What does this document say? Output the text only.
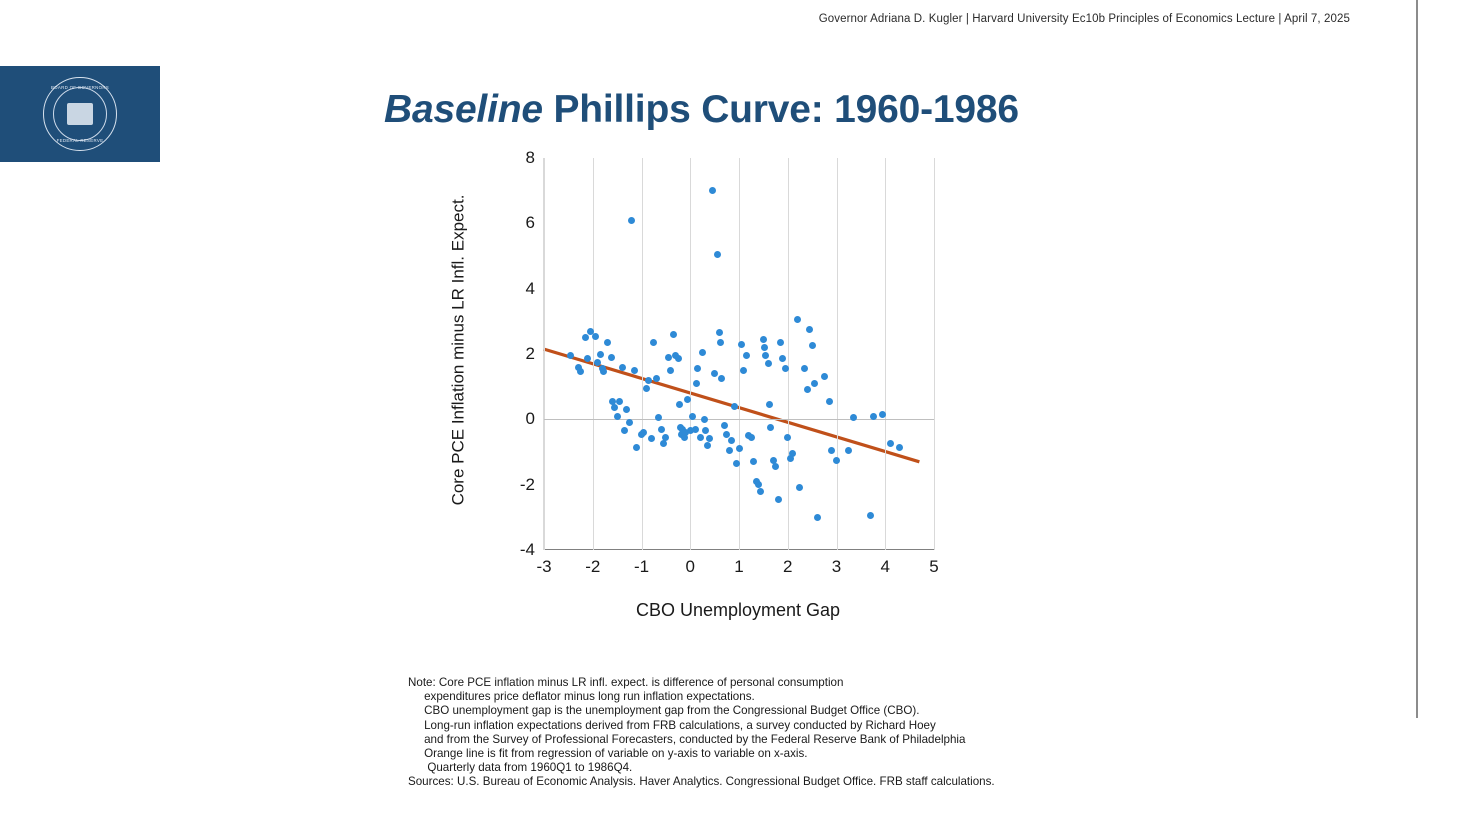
Governor Adriana D. Kugler | Harvard University Ec10b Principles of Economics Lecture | April 7, 2025
BOARD OF GOVERNORS
FEDERAL RESERVE
Baseline Phillips Curve: 1960-1986
Core PCE Inflation minus LR Infl. Expect.
-3 -2 -1 0 1 2 3 4 5
-4
-2
0
2
4
6
8
CBO Unemployment Gap
Note: Core PCE inflation minus LR infl. expect. is difference of personal consumption
expenditures price deflator minus long run inflation expectations.
CBO unemployment gap is the unemployment gap from the Congressional Budget Office (CBO).
Long-run inflation expectations derived from FRB calculations, a survey conducted by Richard Hoey
and from the Survey of Professional Forecasters, conducted by the Federal Reserve Bank of Philadelphia
Orange line is fit from regression of variable on y-axis to variable on x-axis.
Quarterly data from 1960Q1 to 1986Q4.
Sources: U.S. Bureau of Economic Analysis. Haver Analytics. Congressional Budget Office. FRB staff calculations.
